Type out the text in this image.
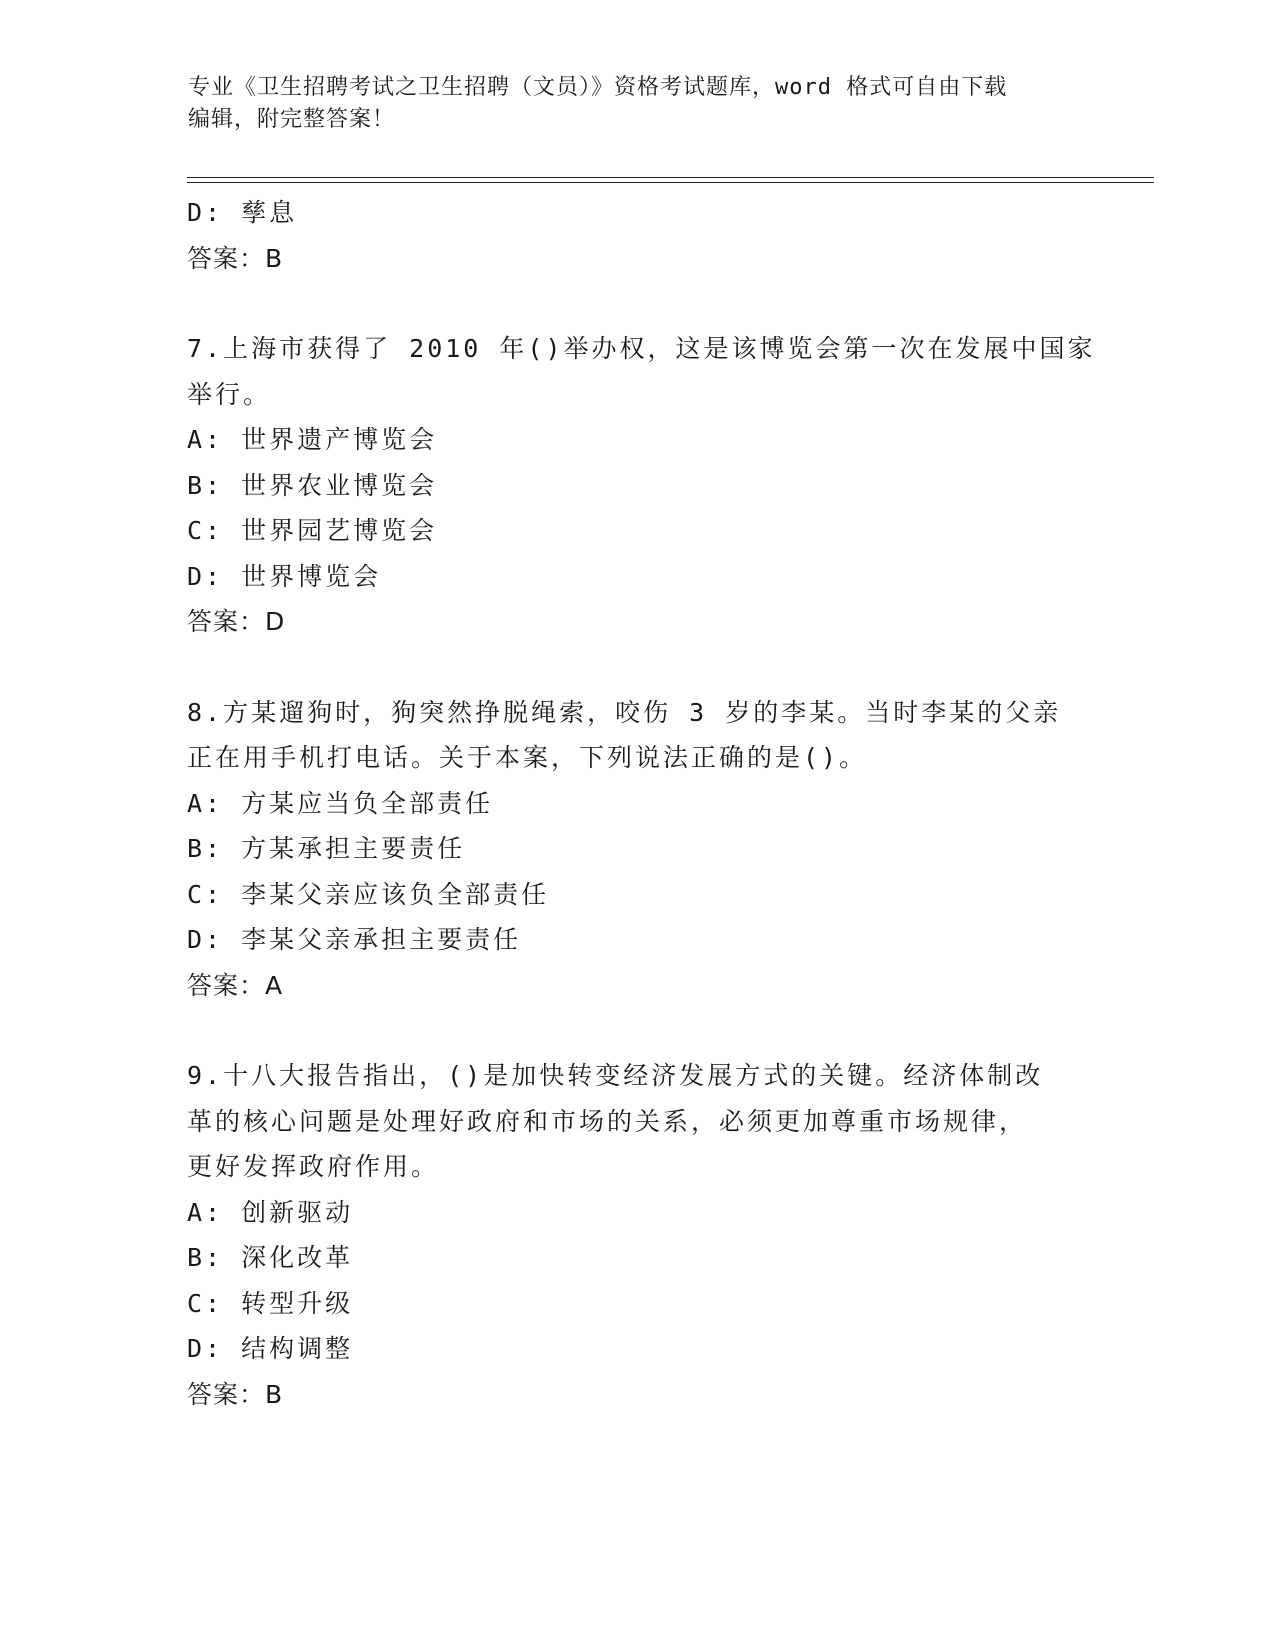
专业《卫生招聘考试之卫生招聘（文员）》资格考试题库，word 格式可自由下载
编辑，附完整答案！
D: 孳息
答案：B
7.上海市获得了 2010 年()举办权，这是该博览会第一次在发展中国家
举行。
A: 世界遗产博览会
B: 世界农业博览会
C: 世界园艺博览会
D: 世界博览会
答案：D
8.方某遛狗时，狗突然挣脱绳索，咬伤 3 岁的李某。当时李某的父亲
正在用手机打电话。关于本案，下列说法正确的是()。
A: 方某应当负全部责任
B: 方某承担主要责任
C: 李某父亲应该负全部责任
D: 李某父亲承担主要责任
答案：A
9.十八大报告指出，()是加快转变经济发展方式的关键。经济体制改
革的核心问题是处理好政府和市场的关系，必须更加尊重市场规律，
更好发挥政府作用。
A: 创新驱动
B: 深化改革
C: 转型升级
D: 结构调整
答案：B
